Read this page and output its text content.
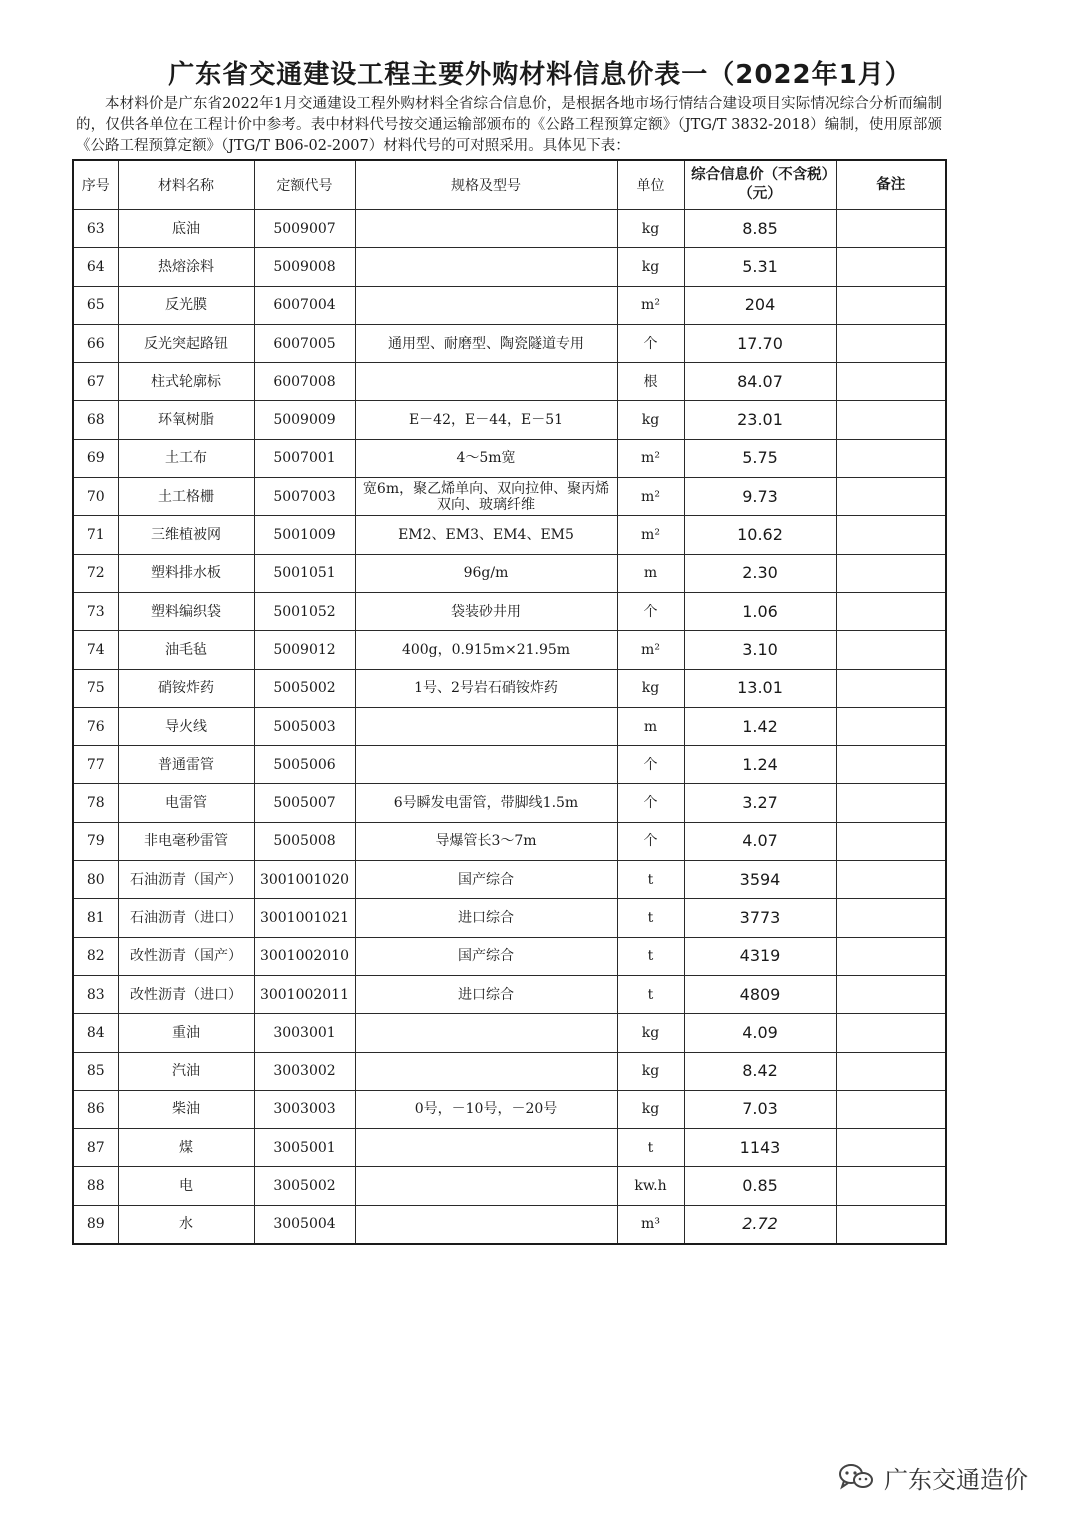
广东省交通建设工程主要外购材料信息价表一（2022年1月）
本材料价是广东省2022年1月交通建设工程外购材料全省综合信息价，是根据各地市场行情结合建设项目实际情况综合分析而编制的，仅供各单位在工程计价中参考。表中材料代号按交通运输部颁布的《公路工程预算定额》（JTG/T 3832-2018）编制，使用原部颁《公路工程预算定额》（JTG/T B06-02-2007）材料代号的可对照采用。具体见下表：
序号	材料名称	定额代号	规格及型号	单位	综合信息价（不含税）（元）	备注
63	底油	5009007		kg	8.85	
64	热熔涂料	5009008		kg	5.31	
65	反光膜	6007004		m²	204	
66	反光突起路钮	6007005	通用型、耐磨型、陶瓷隧道专用	个	17.70	
67	柱式轮廓标	6007008		根	84.07	
68	环氧树脂	5009009	E－42，E－44，E－51	kg	23.01	
69	土工布	5007001	4～5m宽	m²	5.75	
70	土工格栅	5007003	宽6m，聚乙烯单向、双向拉伸、聚丙烯双向、玻璃纤维	m²	9.73	
71	三维植被网	5001009	EM2、EM3、EM4、EM5	m²	10.62	
72	塑料排水板	5001051	96g/m	m	2.30	
73	塑料编织袋	5001052	袋装砂井用	个	1.06	
74	油毛毡	5009012	400g，0.915m×21.95m	m²	3.10	
75	硝铵炸药	5005002	1号、2号岩石硝铵炸药	kg	13.01	
76	导火线	5005003		m	1.42	
77	普通雷管	5005006		个	1.24	
78	电雷管	5005007	6号瞬发电雷管，带脚线1.5m	个	3.27	
79	非电毫秒雷管	5005008	导爆管长3～7m	个	4.07	
80	石油沥青（国产）	3001001020	国产综合	t	3594	
81	石油沥青（进口）	3001001021	进口综合	t	3773	
82	改性沥青（国产）	3001002010	国产综合	t	4319	
83	改性沥青（进口）	3001002011	进口综合	t	4809	
84	重油	3003001		kg	4.09	
85	汽油	3003002		kg	8.42	
86	柴油	3003003	0号，－10号，－20号	kg	7.03	
87	煤	3005001		t	1143	
88	电	3005002		kw.h	0.85	
89	水	3005004		m³	2.72	
广东交通造价
